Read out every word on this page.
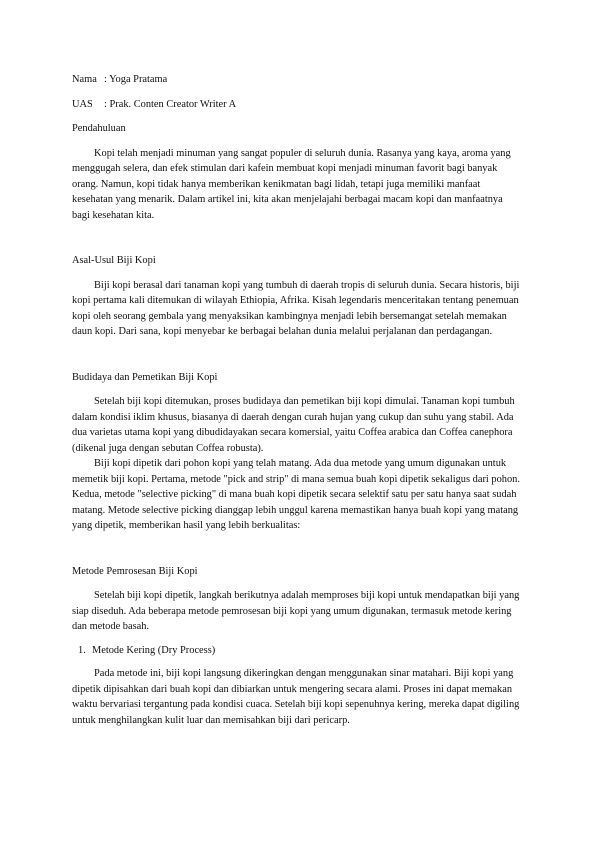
Nama : Yoga Pratama
UAS	: Prak. Conten Creator Writer A
Pendahuluan

Kopi telah menjadi minuman yang sangat populer di seluruh dunia. Rasanya yang kaya, aroma yang menggugah selera, dan efek stimulan dari kafein membuat kopi menjadi minuman favorit bagi banyak orang. Namun, kopi tidak hanya memberikan kenikmatan bagi lidah, tetapi juga memiliki manfaat kesehatan yang menarik. Dalam artikel ini, kita akan menjelajahi berbagai macam kopi dan manfaatnya bagi kesehatan kita.

Asal-Usul Biji Kopi

Biji kopi berasal dari tanaman kopi yang tumbuh di daerah tropis di seluruh dunia. Secara historis, biji kopi pertama kali ditemukan di wilayah Ethiopia, Afrika. Kisah legendaris menceritakan tentang penemuan kopi oleh seorang gembala yang menyaksikan kambingnya menjadi lebih bersemangat setelah memakan daun kopi. Dari sana, kopi menyebar ke berbagai belahan dunia melalui perjalanan dan perdagangan.

Budidaya dan Pemetikan Biji Kopi

Setelah biji kopi ditemukan, proses budidaya dan pemetikan biji kopi dimulai. Tanaman kopi tumbuh dalam kondisi iklim khusus, biasanya di daerah dengan curah hujan yang cukup dan suhu yang stabil. Ada dua varietas utama kopi yang dibudidayakan secara komersial, yaitu Coffea arabica dan Coffea canephora (dikenal juga dengan sebutan Coffea robusta).

Biji kopi dipetik dari pohon kopi yang telah matang. Ada dua metode yang umum digunakan untuk memetik biji kopi. Pertama, metode "pick and strip" di mana semua buah kopi dipetik sekaligus dari pohon. Kedua, metode "selective picking" di mana buah kopi dipetik secara selektif satu per satu hanya saat sudah matang. Metode selective picking dianggap lebih unggul karena memastikan hanya buah kopi yang matang yang dipetik, memberikan hasil yang lebih berkualitas:

Metode Pemrosesan Biji Kopi

Setelah biji kopi dipetik, langkah berikutnya adalah memproses biji kopi untuk mendapatkan biji yang siap diseduh. Ada beberapa metode pemrosesan biji kopi yang umum digunakan, termasuk metode kering dan metode basah.

1. Metode Kering (Dry Process)

Pada metode ini, biji kopi langsung dikeringkan dengan menggunakan sinar matahari. Biji kopi yang dipetik dipisahkan dari buah kopi dan dibiarkan untuk mengering secara alami. Proses ini dapat memakan waktu bervariasi tergantung pada kondisi cuaca. Setelah biji kopi sepenuhnya kering, mereka dapat digiling untuk menghilangkan kulit luar dan memisahkan biji dari pericarp.
